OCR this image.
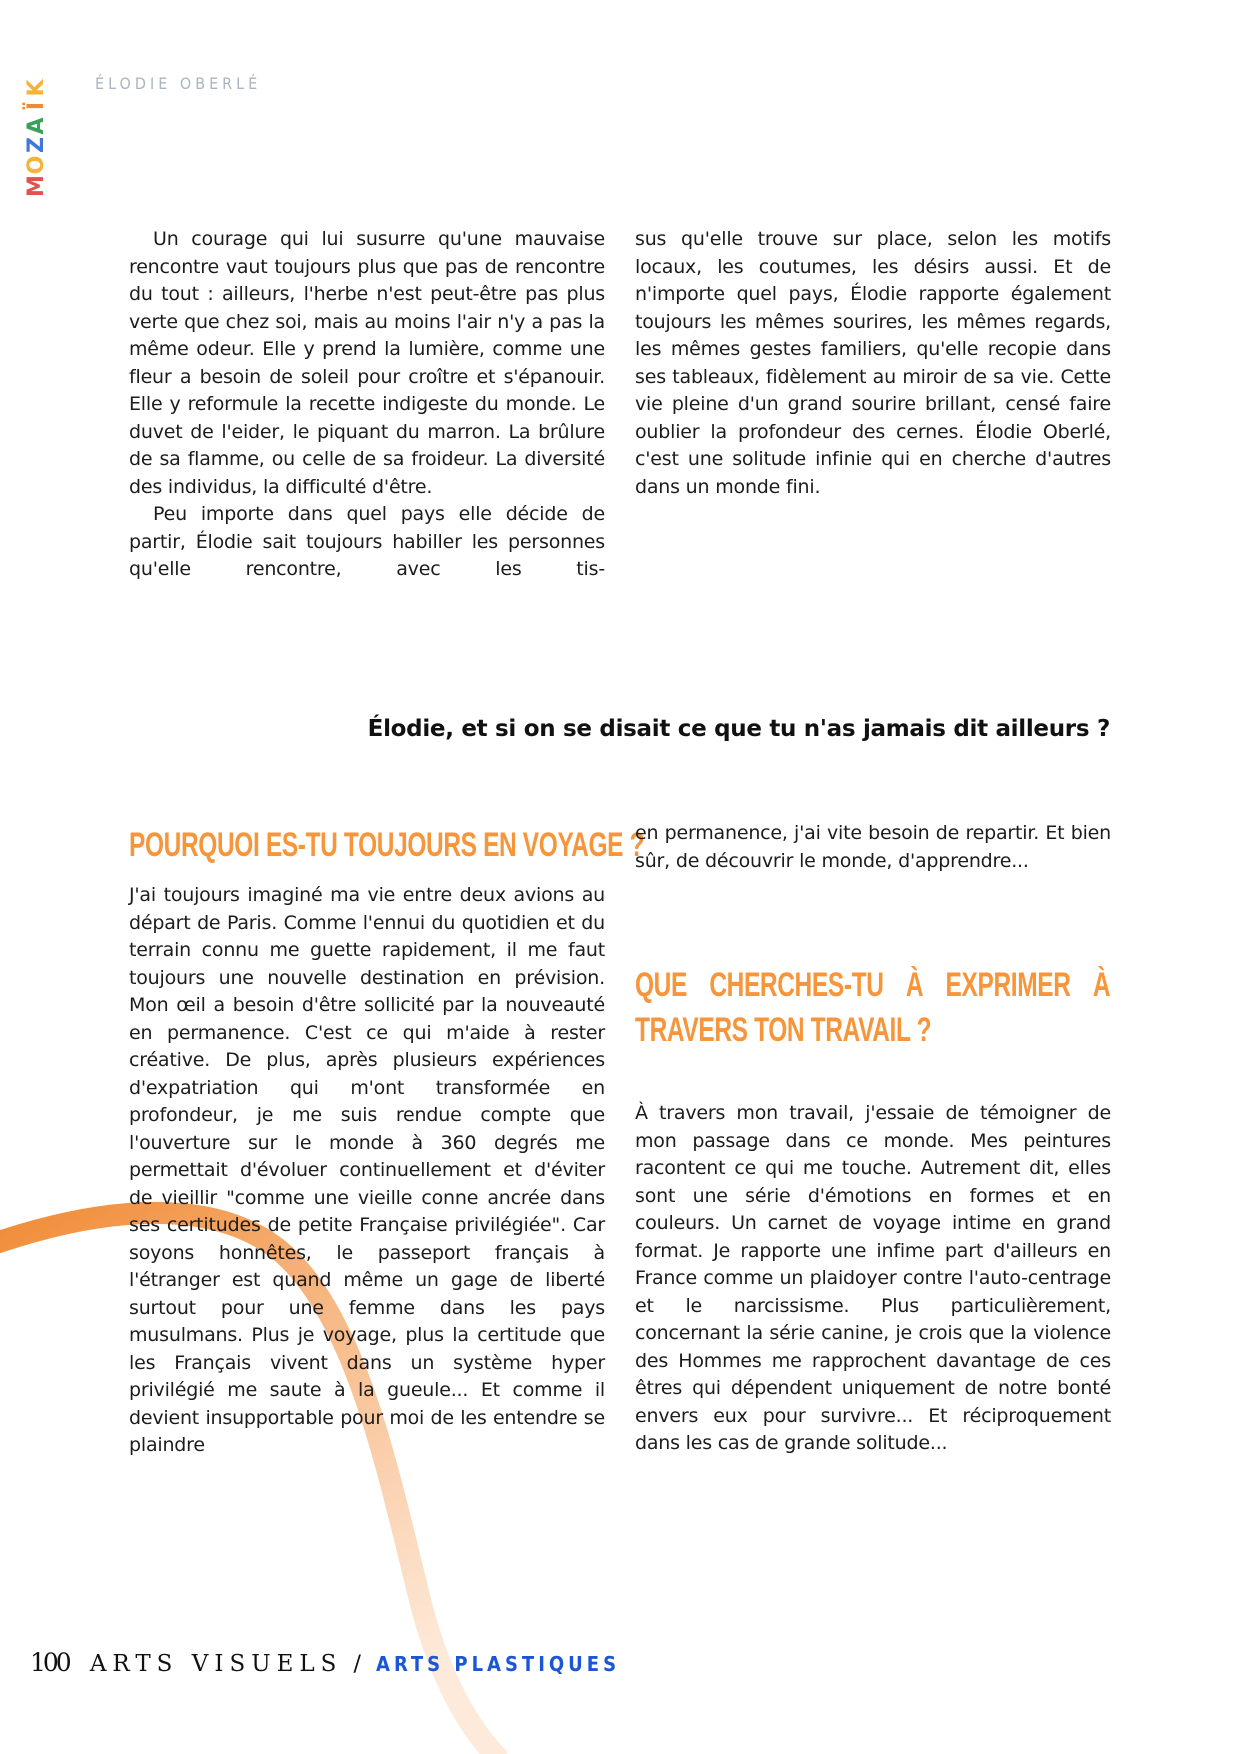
K
Ï
A
Z
O
M
ÉLODIE OBERLÉ

Un courage qui lui susurre qu'une mauvaise rencontre vaut toujours plus que pas de rencontre du tout : ailleurs, l'herbe n'est peut-être pas plus verte que chez soi, mais au moins l'air n'y a pas la même odeur. Elle y prend la lumière, comme une fleur a besoin de soleil pour croître et s'épanouir. Elle y reformule la recette indigeste du monde. Le duvet de l'eider, le piquant du marron. La brûlure de sa flamme, ou celle de sa froideur. La diversité des individus, la difficulté d'être.

Peu importe dans quel pays elle décide de partir, Élodie sait toujours habiller les personnes qu'elle rencontre, avec les tis-

sus qu'elle trouve sur place, selon les motifs locaux, les coutumes, les désirs aussi. Et de n'importe quel pays, Élodie rapporte également toujours les mêmes sourires, les mêmes regards, les mêmes gestes familiers, qu'elle recopie dans ses tableaux, fidèlement au miroir de sa vie. Cette vie pleine d'un grand sourire brillant, censé faire oublier la profondeur des cernes. Élodie Oberlé, c'est une solitude infinie qui en cherche d'autres dans un monde fini.

Élodie, et si on se disait ce que tu n'as jamais dit ailleurs ?
POURQUOI ES-TU TOUJOURS EN VOYAGE ?

J'ai toujours imaginé ma vie entre deux avions au départ de Paris. Comme l'ennui du quotidien et du terrain connu me guette rapidement, il me faut toujours une nouvelle destination en prévision. Mon œil a besoin d'être sollicité par la nouveauté en permanence. C'est ce qui m'aide à rester créative. De plus, après plusieurs expériences d'expatriation qui m'ont transformée en profondeur, je me suis rendue compte que l'ouverture sur le monde à 360 degrés me permettait d'évoluer continuellement et d'éviter de vieillir "comme une vieille conne ancrée dans ses certitudes de petite Française privilégiée". Car soyons honnêtes, le passeport français à l'étranger est quand même un gage de liberté surtout pour une femme dans les pays musulmans. Plus je voyage, plus la certitude que les Français vivent dans un système hyper privilégié me saute à la gueule... Et comme il devient insupportable pour moi de les entendre se plaindre

en permanence, j'ai vite besoin de repartir. Et bien sûr, de découvrir le monde, d'apprendre...

QUE CHERCHES-TU À EXPRIMER À TRAVERS TON TRAVAIL ?

À travers mon travail, j'essaie de témoigner de mon passage dans ce monde. Mes peintures racontent ce qui me touche. Autrement dit, elles sont une série d'émotions en formes et en couleurs. Un carnet de voyage intime en grand format. Je rapporte une infime part d'ailleurs en France comme un plaidoyer contre l'auto-centrage et le narcissisme. Plus particulièrement, concernant la série canine, je crois que la violence des Hommes me rapprochent davantage de ces êtres qui dépendent uniquement de notre bonté envers eux pour survivre... Et réciproquement dans les cas de grande solitude...

100 ARTS VISUELS / ARTS PLASTIQUES
